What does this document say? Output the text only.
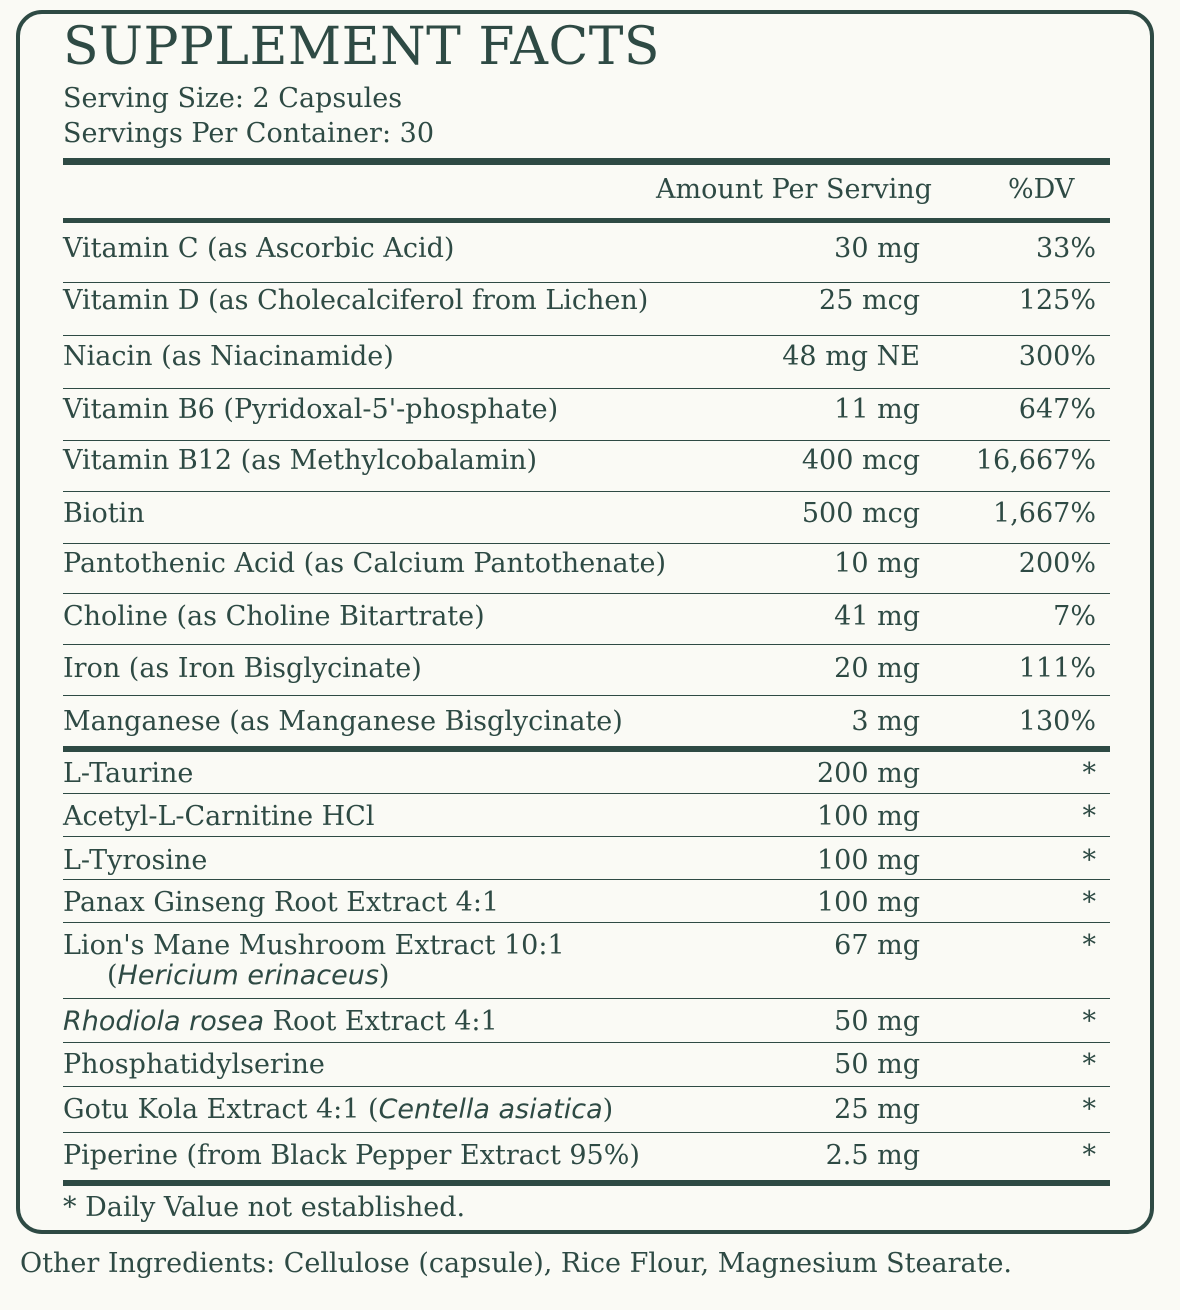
SUPPLEMENT FACTS
Serving Size: 2 Capsules
Servings Per Container: 30
Amount Per Serving	%DV
Vitamin C (as Ascorbic Acid)	30 mg	33%
Vitamin D (as Cholecalciferol from Lichen)	25 mcg	125%
Niacin (as Niacinamide)	48 mg NE	300%
Vitamin B6 (Pyridoxal-5'-phosphate)	11 mg	647%
Vitamin B12 (as Methylcobalamin)	400 mcg 16,667%
Biotin	500 mcg	1,667%
Pantothenic Acid (as Calcium Pantothenate)	10 mg	200%
Choline (as Choline Bitartrate)	41 mg	7%
Iron (as Iron Bisglycinate)	20 mg	111%
Manganese (as Manganese Bisglycinate)	3 mg	130%
L-Taurine	200 mg	*
Acetyl-L-Carnitine HCl	100 mg	*
L-Tyrosine	100 mg	*
Panax Ginseng Root Extract 4:1	100 mg	*
Lion's Mane Mushroom Extract 10:1
(Hericium erinaceus)
67 mg	*
Rhodiola rosea Root Extract 4:1	50 mg	*
Phosphatidylserine	50 mg	*
Gotu Kola Extract 4:1 (Centella asiatica)	25 mg	*
Piperine (from Black Pepper Extract 95%)	2.5 mg	*
* Daily Value not established.
Other Ingredients: Cellulose (capsule), Rice Flour, Magnesium Stearate.
